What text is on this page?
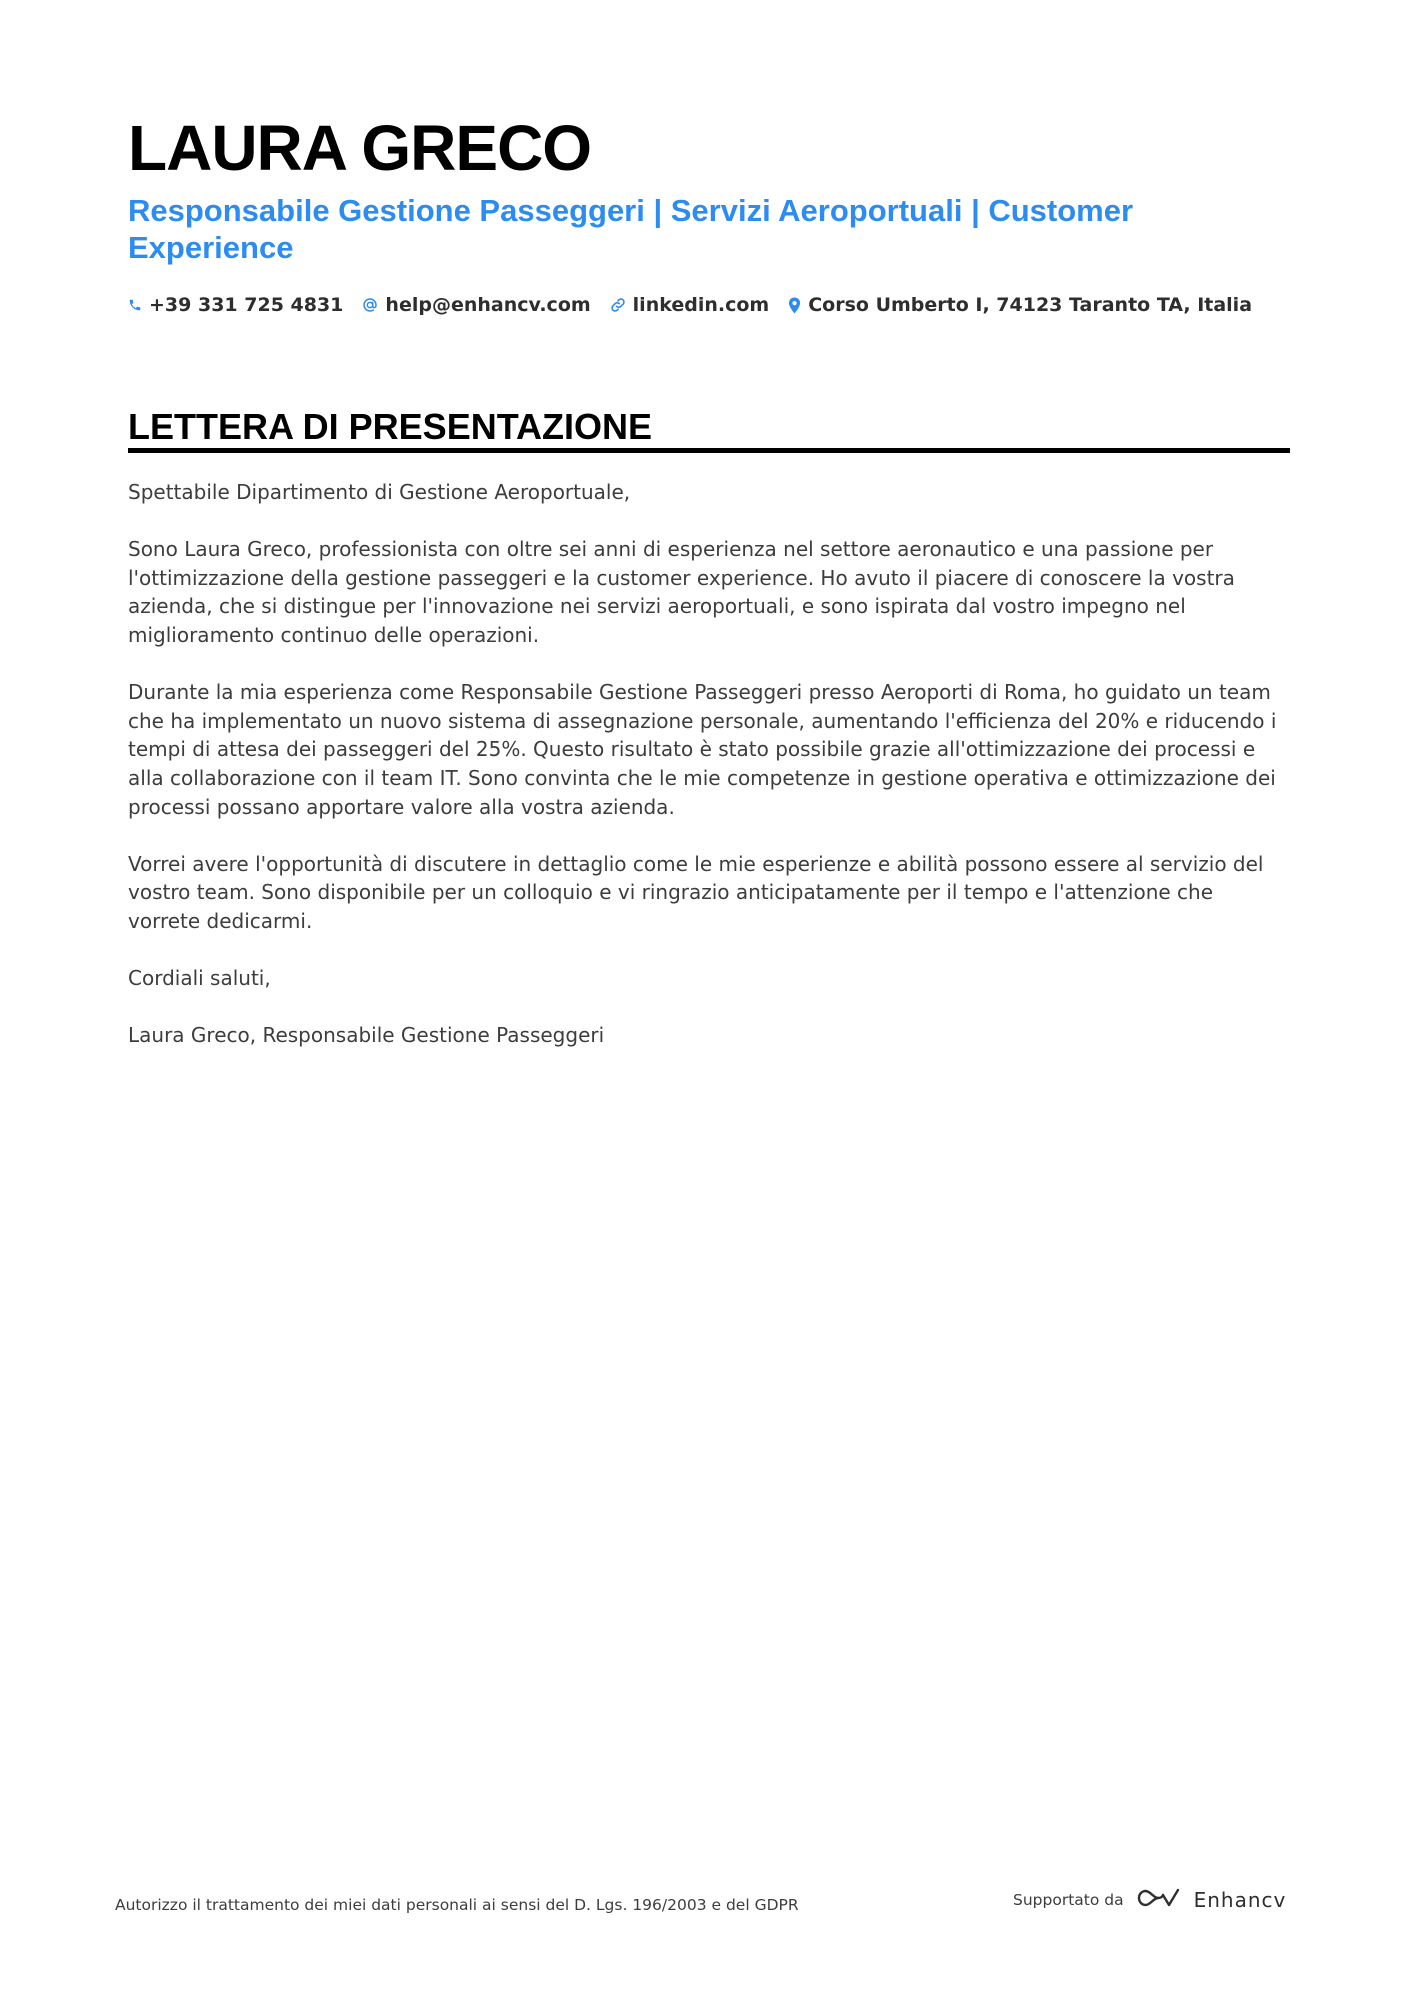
LAURA GRECO
Responsabile Gestione Passeggeri | Servizi Aeroportuali | Customer Experience
+39 331 725 4831 help@enhancv.com linkedin.com Corso Umberto I, 74123 Taranto TA, Italia
LETTERA DI PRESENTAZIONE

Spettabile Dipartimento di Gestione Aeroportuale,

Sono Laura Greco, professionista con oltre sei anni di esperienza nel settore aeronautico e una passione per l'ottimizzazione della gestione passeggeri e la customer experience. Ho avuto il piacere di conoscere la vostra azienda, che si distingue per l'innovazione nei servizi aeroportuali, e sono ispirata dal vostro impegno nel miglioramento continuo delle operazioni.

Durante la mia esperienza come Responsabile Gestione Passeggeri presso Aeroporti di Roma, ho guidato un team che ha implementato un nuovo sistema di assegnazione personale, aumentando l'efficienza del 20% e riducendo i tempi di attesa dei passeggeri del 25%. Questo risultato è stato possibile grazie all'ottimizzazione dei processi e alla collaborazione con il team IT. Sono convinta che le mie competenze in gestione operativa e ottimizzazione dei processi possano apportare valore alla vostra azienda.

Vorrei avere l'opportunità di discutere in dettaglio come le mie esperienze e abilità possono essere al servizio del vostro team. Sono disponibile per un colloquio e vi ringrazio anticipatamente per il tempo e l'attenzione che vorrete dedicarmi.

Cordiali saluti,

Laura Greco, Responsabile Gestione Passeggeri

Autorizzo il trattamento dei miei dati personali ai sensi del D. Lgs. 196/2003 e del GDPR	Supportato da	Enhancv
